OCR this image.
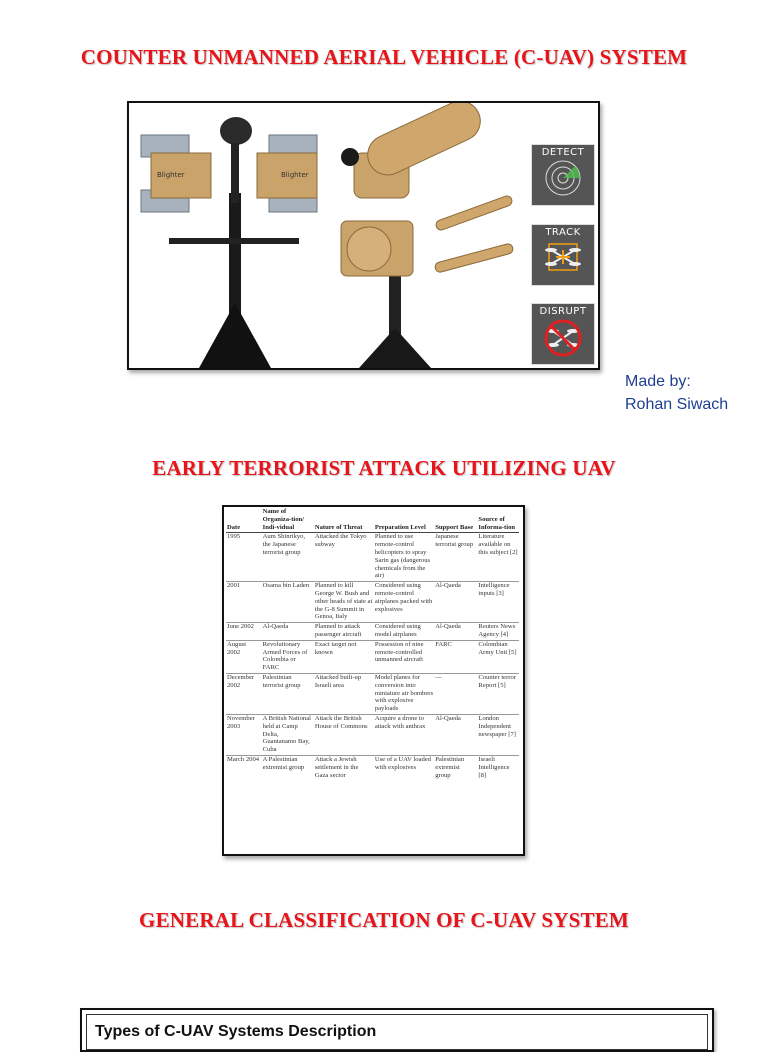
COUNTER UNMANNED AERIAL VEHICLE (C-UAV) SYSTEM
Blighter	Blighter
DETECT
TRACK
DISRUPT
Made by:
Rohan Siwach
EARLY TERRORIST ATTACK UTILIZING UAV
Date	Name of Organiza-tion/ Indi-vidual	Nature of Threat	Preparation Level	Support Base	Source of Informa-tion
1995	Aum Shinrikyo, the Japanese terrorist group	Attacked the Tokyo subway	Planned to use remote-control helicopters to spray Sarin gas (dangerous chemicals from the air)	Japanese terrorist group	Literature available on this subject [2]
2001	Osama bin Laden	Planned to kill George W. Bush and other heads of state at the G-8 Summit in Genoa, Italy	Considered using remote-control airplanes packed with explosives	Al-Qaeda	Intelligence inputs [3]
June 2002	Al-Qaeda	Planned to attack passenger aircraft	Considered using model airplanes	Al-Qaeda	Reuters News Agency [4]
August 2002	Revolutionary Armed Forces of Colombia or FARC	Exact target not known	Possession of nine remote-controlled unmanned aircraft	FARC	Colombian Army Unit [5]
December 2002	Palestinian terrorist group	Attacked built-up Israeli area	Model planes for conversion into miniature air bombers with explosive payloads	—	Counter terror Report [5]
November 2003	A British National held at Camp Delta, Guantanamo Bay, Cuba	Attack the British House of Commons	Acquire a drone to attack with anthrax	Al-Qaeda	London Independent newspaper [7]
March 2004	A Palestinian extremist group	Attack a Jewish settlement in the Gaza sector	Use of a UAV loaded with explosives	Palestinian extremist group	Israeli Intelligence [8]
GENERAL CLASSIFICATION OF C-UAV SYSTEM
Types of C-UAV Systems Description
